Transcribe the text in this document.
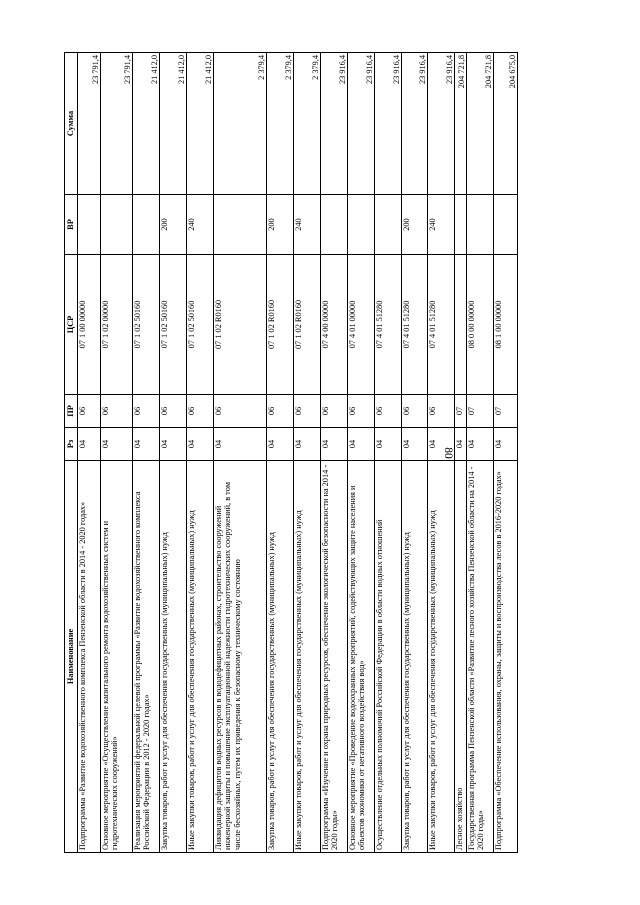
80
Наименование	Рз	ПР	ЦСР	ВР	Сумма
Подпрограмма «Развитие водохозяйственного комплекса Пензенской области в 2014 - 2020 годах»	04	06	07 1 00 00000		23 791,4
Основное мероприятие «Осуществление капитального ремонта водохозяйственных систем и гидротехнических сооружений»	04	06	07 1 02 00000		23 791,4
Реализация мероприятий федеральной целевой программы «Развитие водохозяйственного комплекса Российской Федерации в 2012 - 2020 годах»	04	06	07 1 02 50160		21 412,0
Закупка товаров, работ и услуг для обеспечения государственных (муниципальных) нужд	04	06	07 1 02 50160	200	21 412,0
Иные закупки товаров, работ и услуг для обеспечения государственных (муниципальных) нужд	04	06	07 1 02 50160	240	21 412,0
Ликвидация дефицитов водных ресурсов в вододефицитных районах, строительство сооружений инженерной защиты и повышение эксплуатационной надежности гидротехнических сооружений, в том числе бесхозяйных, путем их приведения к безопасному техническому состоянию	04	06	07 1 02 R0160		2 379,4
Закупка товаров, работ и услуг для обеспечения государственных (муниципальных) нужд	04	06	07 1 02 R0160	200	2 379,4
Иные закупки товаров, работ и услуг для обеспечения государственных (муниципальных) нужд	04	06	07 1 02 R0160	240	2 379,4
Подпрограмма «Изучение и охрана природных ресурсов, обеспечение экологической безопасности на 2014 - 2020 годы»	04	06	07 4 00 00000		23 916,4
Основное мероприятие «Проведение водоохранных мероприятий, содействующих защите населения и объектов экономики от негативного воздействия вод»	04	06	07 4 01 00000		23 916,4
Осуществление отдельных полномочий Российской Федерации в области водных отношений	04	06	07 4 01 51280		23 916,4
Закупка товаров, работ и услуг для обеспечения государственных (муниципальных) нужд	04	06	07 4 01 51280	200	23 916,4
Иные закупки товаров, работ и услуг для обеспечения государственных (муниципальных) нужд	04	06	07 4 01 51280	240	23 916,4
Лесное хозяйство	04	07			204 721,8
Государственная программа Пензенской области «Развитие лесного хозяйства Пензенской области на 2014 - 2020 годы»	04	07	08 0 00 00000		204 721,8
Подпрограмма «Обеспечение использования, охраны, защиты и воспроизводства лесов в 2016-2020 годах»	04	07	08 1 00 00000		204 675,0
